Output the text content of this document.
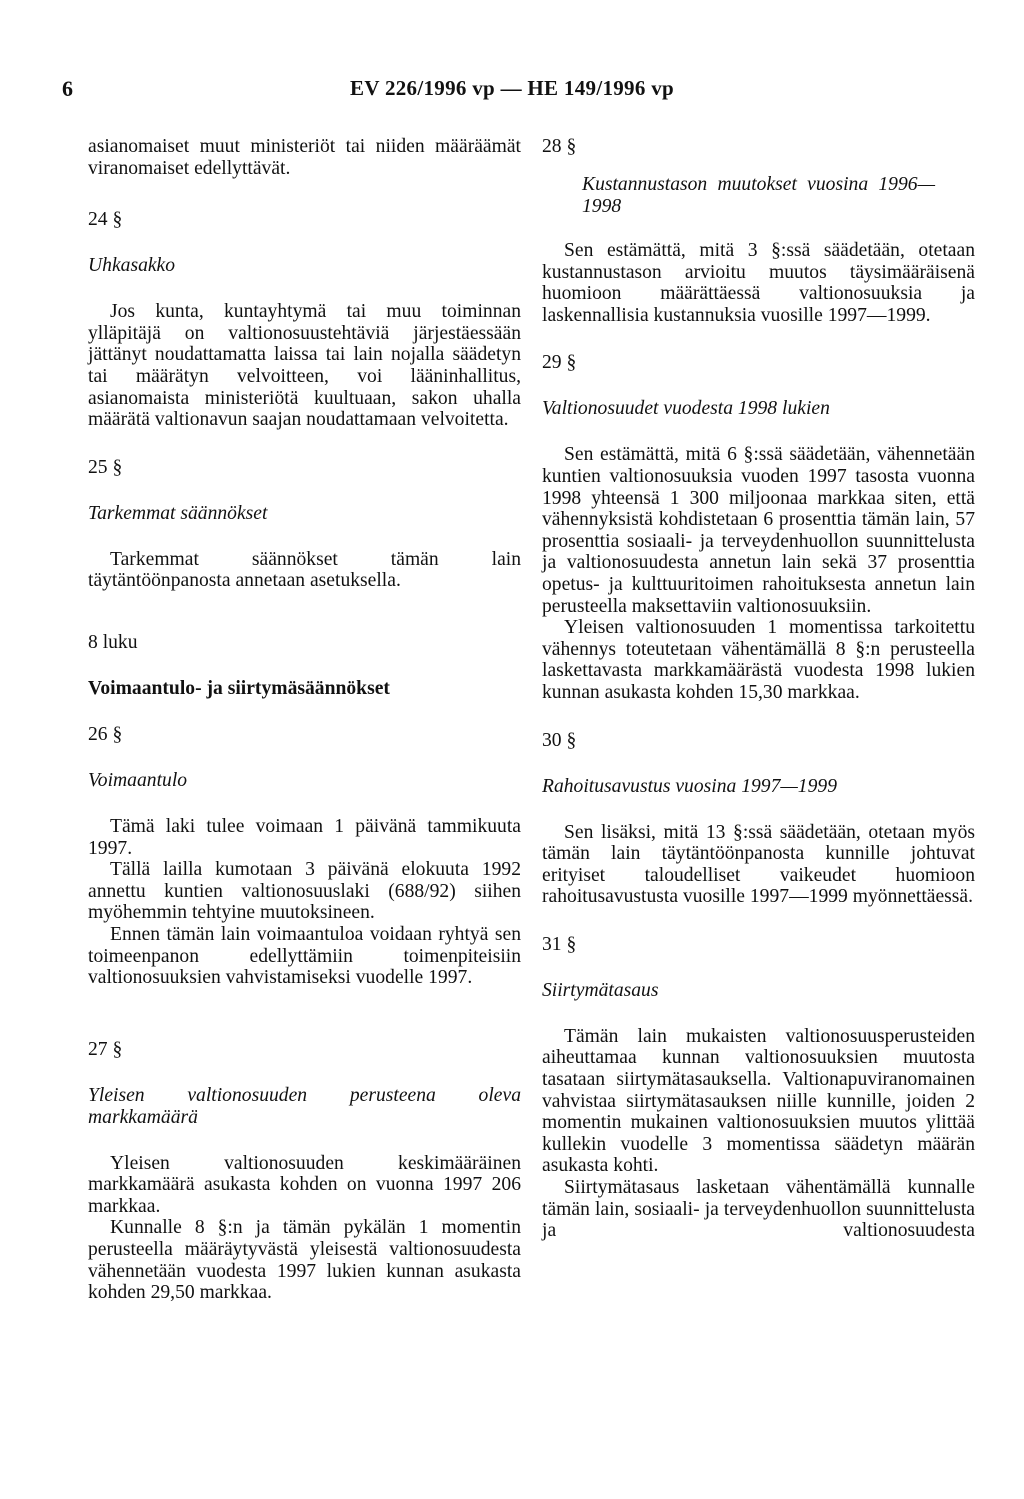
6	EV 226/1996 vp — HE 149/1996 vp

asianomaiset muut ministeriöt tai niiden määräämät viranomaiset edellyttävät.

24 §

Uhkasakko

Jos kunta, kuntayhtymä tai muu toiminnan ylläpitäjä on valtionosuustehtäviä järjestäessään jättänyt noudattamatta laissa tai lain nojalla säädetyn tai määrätyn velvoitteen, voi lääninhallitus, asianomaista ministeriötä kuultuaan, sakon uhalla määrätä valtionavun saajan noudattamaan velvoitetta.

25 §

Tarkemmat säännökset

Tarkemmat säännökset tämän lain täytäntöönpanosta annetaan asetuksella.

8 luku

Voimaantulo- ja siirtymäsäännökset

26 §

Voimaantulo

Tämä laki tulee voimaan 1 päivänä tammikuuta 1997.

Tällä lailla kumotaan 3 päivänä elokuuta 1992 annettu kuntien valtionosuuslaki (688/92) siihen myöhemmin tehtyine muutoksineen.

Ennen tämän lain voimaantuloa voidaan ryhtyä sen toimeenpanon edellyttämiin toimenpiteisiin valtionosuuksien vahvistamiseksi vuodelle 1997.

27 §

Yleisen valtionosuuden perusteena oleva markkamäärä

Yleisen valtionosuuden keskimääräinen markkamäärä asukasta kohden on vuonna 1997 206 markkaa.

Kunnalle 8 §:n ja tämän pykälän 1 momentin perusteella määräytyvästä yleisestä valtionosuudesta vähennetään vuodesta 1997 lukien kunnan asukasta kohden 29,50 markkaa.

28 §

Kustannustason muutokset vuosina 1996—1998

Sen estämättä, mitä 3 §:ssä säädetään, otetaan kustannustason arvioitu muutos täysimääräisenä huomioon määrättäessä valtionosuuksia ja laskennallisia kustannuksia vuosille 1997—1999.

29 §

Valtionosuudet vuodesta 1998 lukien

Sen estämättä, mitä 6 §:ssä säädetään, vähennetään kuntien valtionosuuksia vuoden 1997 tasosta vuonna 1998 yhteensä 1 300 miljoonaa markkaa siten, että vähennyksistä kohdistetaan 6 prosenttia tämän lain, 57 prosenttia sosiaali- ja terveydenhuollon suunnittelusta ja valtionosuudesta annetun lain sekä 37 prosenttia opetus- ja kulttuuritoimen rahoituksesta annetun lain perusteella maksettaviin valtionosuuksiin.

Yleisen valtionosuuden 1 momentissa tarkoitettu vähennys toteutetaan vähentämällä 8 §:n perusteella laskettavasta markkamäärästä vuodesta 1998 lukien kunnan asukasta kohden 15,30 markkaa.

30 §

Rahoitusavustus vuosina 1997—1999

Sen lisäksi, mitä 13 §:ssä säädetään, otetaan myös tämän lain täytäntöönpanosta kunnille johtuvat erityiset taloudelliset vaikeudet huomioon rahoitusavustusta vuosille 1997—1999 myönnettäessä.

31 §

Siirtymätasaus

Tämän lain mukaisten valtionosuusperusteiden aiheuttamaa kunnan valtionosuuksien muutosta tasataan siirtymätasauksella. Valtionapuviranomainen vahvistaa siirtymätasauksen niille kunnille, joiden 2 momentin mukainen valtionosuuksien muutos ylittää kullekin vuodelle 3 momentissa säädetyn määrän asukasta kohti.

Siirtymätasaus lasketaan vähentämällä kunnalle tämän lain, sosiaali- ja terveydenhuollon suunnittelusta ja valtionosuudesta
